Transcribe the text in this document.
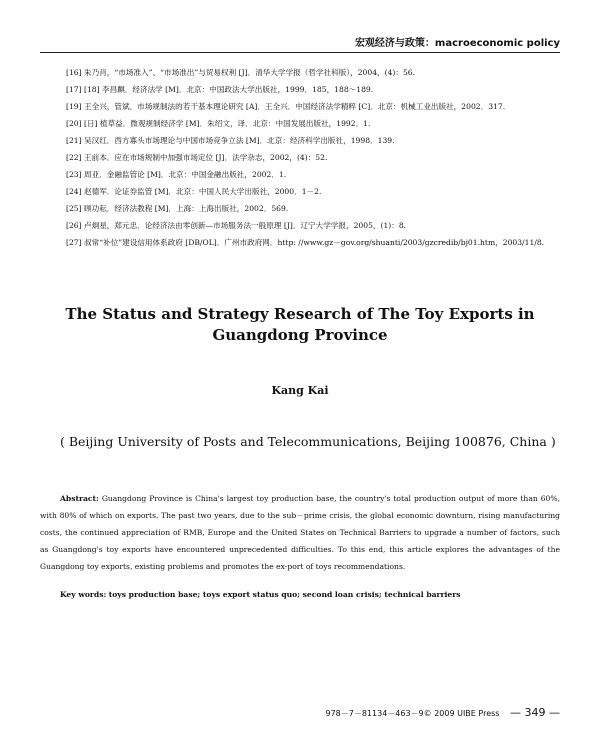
宏观经济与政策：macroeconomic policy

[16] 朱乃肖，“市场准入”、“市场准出”与贸易权利 [J]．清华大学学报（哲学社科版），2004，(4)：56.

[17] [18] 李昌麒．经济法学 [M]．北京：中国政法大学出版社，1999．185，188～189.

[19] 王全兴，管斌．市场规制法的若干基本理论研究 [A]．王全兴．中国经济法学精粹 [C]．北京：机械工业出版社，2002．317.

[20] [日] 植草益．微观规制经济学 [M]．朱绍文，译．北京：中国发展出版社，1992．1.

[21] 吴汉红．西方寡头市场理论与中国市场竞争立法 [M]．北京：经济科学出版社，1998．139.

[22] 王前本．应在市场规制中加强市场定位 [J]．法学杂志，2002，(4)：52.

[23] 周亚．金融监管论 [M]．北京：中国金融出版社，2002．1.

[24] 赵德军．论证券监管 [M]．北京：中国人民大学出版社，2000．1－2.

[25] 顾功耘．经济法教程 [M]．上海：上海出版社，2002．569.

[26] 卢炯星，郑元忠．论经济法由零创新—市场服务法一般原理 [J]．辽宁大学学报，2005，(1)：8.

[27] 叔常“补位”建设信用体系政府 [DB/OL]．广州市政府网．http: //www.gz－gov.org/shuanti/2003/gzcredib/bj01.htm，2003/11/8.

The Status and Strategy Research of The Toy Exports in Guangdong Province
Kang Kai
( Beijing University of Posts and Telecommunications, Beijing 100876, China )
Abstract: Guangdong Province is China's largest toy production base, the country's total production output of more than 60%, with 80% of which on exports. The past two years, due to the sub－prime crisis, the global economic downturn, rising manufacturing costs, the continued appreciation of RMB, Europe and the United States on Technical Barriers to upgrade a number of factors, such as Guangdong's toy exports have encountered unprecedented difficulties. To this end, this article explores the advantages of the Guangdong toy exports, existing problems and promotes the ex-port of toys recommendations.
Key words: toys production base; toys export status quo; second loan crisis; technical barriers
978－7－81134－463－9© 2009 UIBE Press — 349 —
